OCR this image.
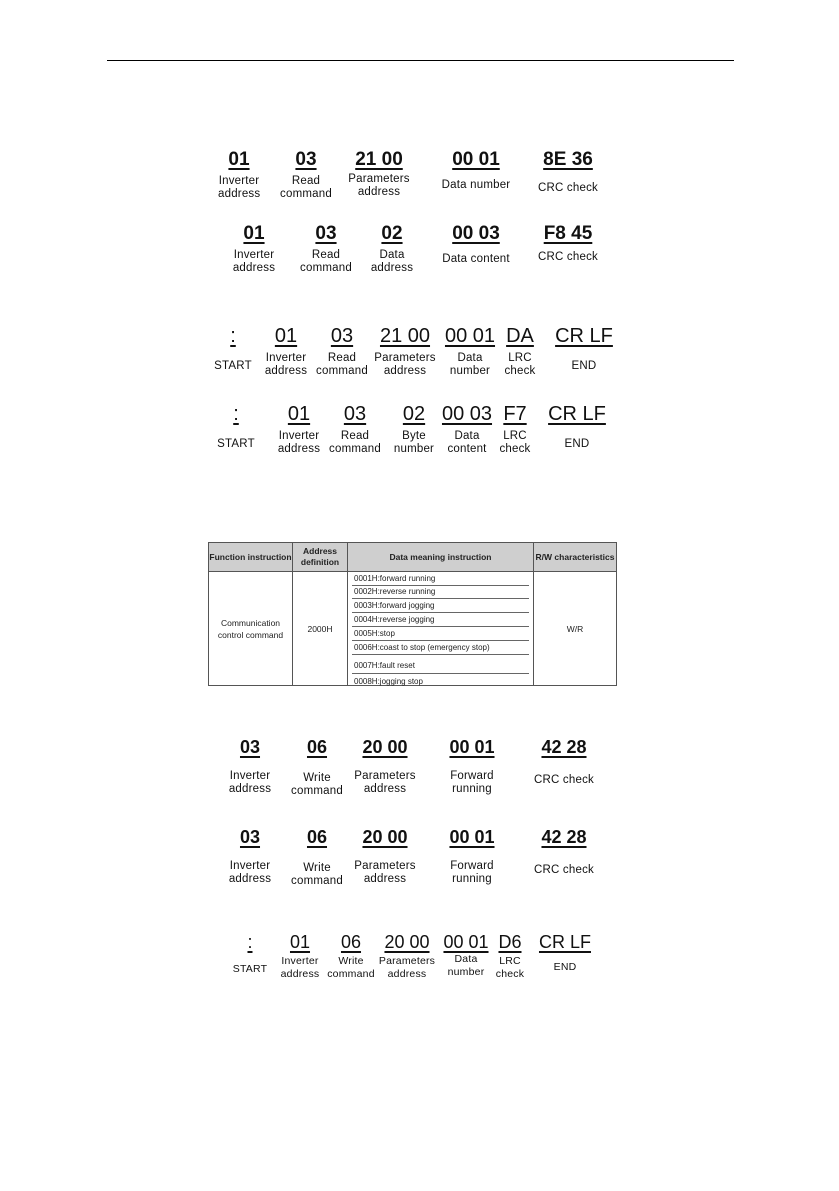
01
Inverter
address
03
Read
command
21 00
Parameters
address
00 01
Data number
8E 36
CRC check
01
Inverter
address
03
Read
command
02
Data
address
00 03
Data content
F8 45
CRC check
:
START
01
Inverter
address
03
Read
command
21 00
Parameters
address
00 01
Data
number
DA
LRC
check
CR LF
END
:
START
01
Inverter
address
03
Read
command
02
Byte
number
00 03
Data
content
F7
LRC
check
CR LF
END
Function instruction
Address definition
Data meaning instruction	R/W characteristics
Communication control command
2000H
0001H:forward running
0002H:reverse running
0003H:forward jogging
0004H:reverse jogging
0005H:stop
0006H:coast to stop (emergency stop)
0007H:fault reset
0008H:jogging stop
W/R
03
Inverter
address
06
Write
command
20 00
Parameters
address
00 01
Forward
running
42 28
CRC check
03
Inverter
address
06
Write
command
20 00
Parameters
address
00 01
Forward
running
42 28
CRC check
:
START
01
Inverter
address
06
Write
command
20 00
Parameters
address
00 01
Data
number
D6
LRC
check
CR LF
END
